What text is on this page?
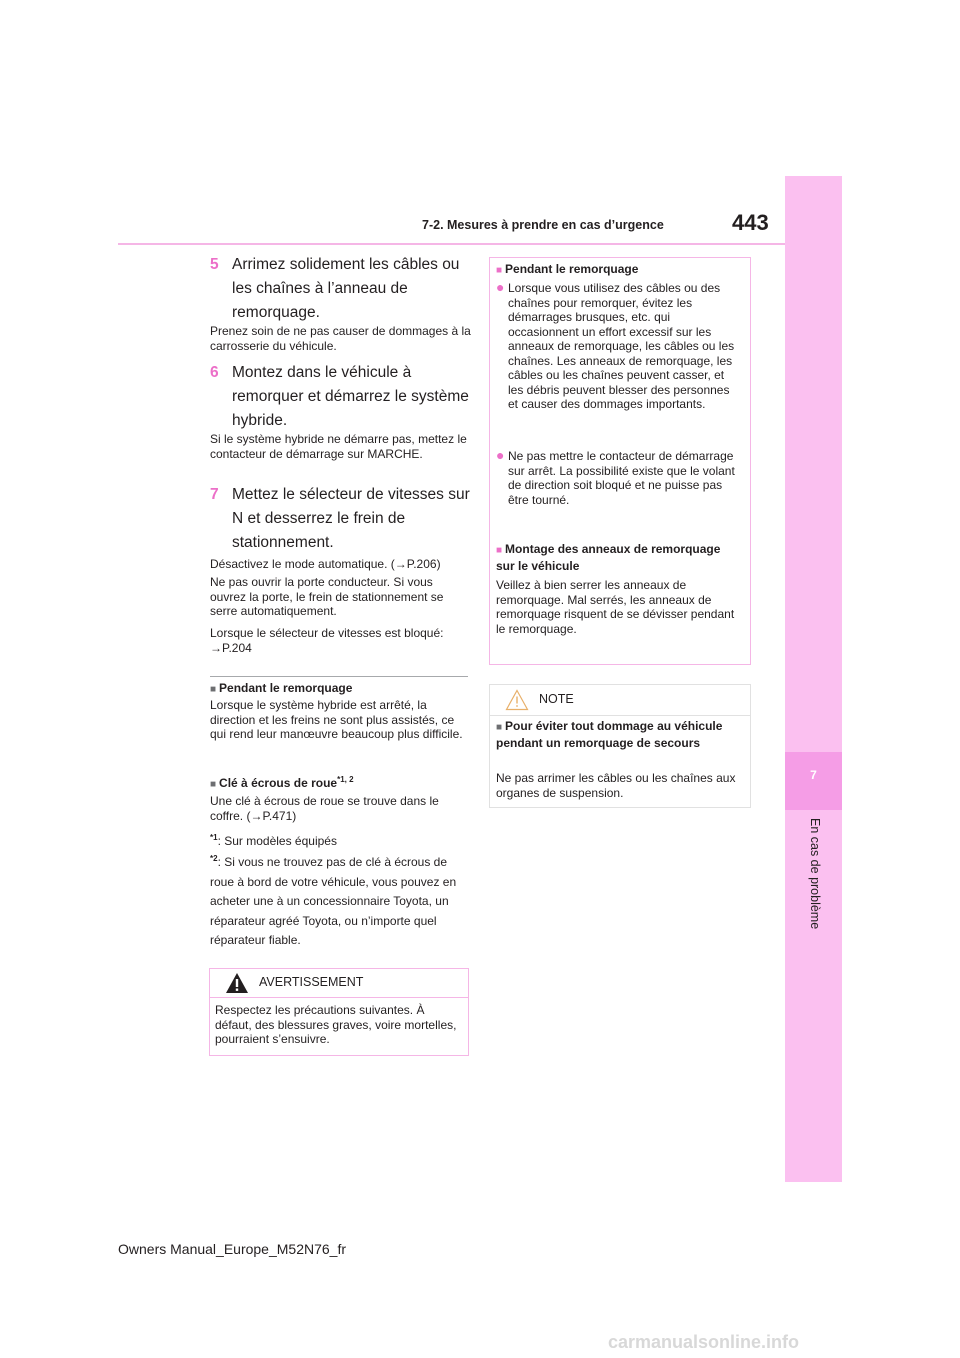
443
7-2. Mesures à prendre en cas d’urgence
7
En cas de problème
5 Arrimez solidement les câbles ou les chaînes à l’anneau de remorquage.
Prenez soin de ne pas causer de dommages à la carrosserie du véhicule.
6 Montez dans le véhicule à remorquer et démarrez le système hybride.
Si le système hybride ne démarre pas, mettez le contacteur de démarrage sur MARCHE.
7 Mettez le sélecteur de vitesses sur N et desserrez le frein de stationnement.
Désactivez le mode automatique. (→P.206)
Ne pas ouvrir la porte conducteur. Si vous ouvrez la porte, le frein de stationnement se serre automatiquement.
Lorsque le sélecteur de vitesses est bloqué: →P.204
■ Pendant le remorquage
Lorsque le système hybride est arrêté, la direction et les freins ne sont plus assistés, ce qui rend leur manœuvre beaucoup plus difficile.
■ Clé à écrous de roue$^{*1, 2}$
Une clé à écrous de roue se trouve dans le coffre. (→P.471)
$^{*1}$: Sur modèles équipés
$^{*2}$: Si vous ne trouvez pas de clé à écrous de roue à bord de votre véhicule, vous pouvez en acheter une à un concessionnaire Toyota, un réparateur agréé Toyota, ou n’importe quel réparateur fiable.
AVERTISSEMENT
Respectez les précautions suivantes. À défaut, des blessures graves, voire mortelles, pourraient s’ensuivre.
■ Pendant le remorquage
● Lorsque vous utilisez des câbles ou des chaînes pour remorquer, évitez les démarrages brusques, etc. qui occasionnent un effort excessif sur les anneaux de remorquage, les câbles ou les chaînes. Les anneaux de remorquage, les câbles ou les chaînes peuvent casser, et les débris peuvent blesser des personnes et causer des dommages importants.
● Ne pas mettre le contacteur de démarrage sur arrêt. La possibilité existe que le volant de direction soit bloqué et ne puisse pas être tourné.
■ Montage des anneaux de remorquage sur le véhicule
Veillez à bien serrer les anneaux de remorquage. Mal serrés, les anneaux de remorquage risquent de se dévisser pendant le remorquage.
NOTE
■ Pour éviter tout dommage au véhicule pendant un remorquage de secours
Ne pas arrimer les câbles ou les chaînes aux organes de suspension.
Owners Manual_Europe_M52N76_fr
carmanualsonline.info
